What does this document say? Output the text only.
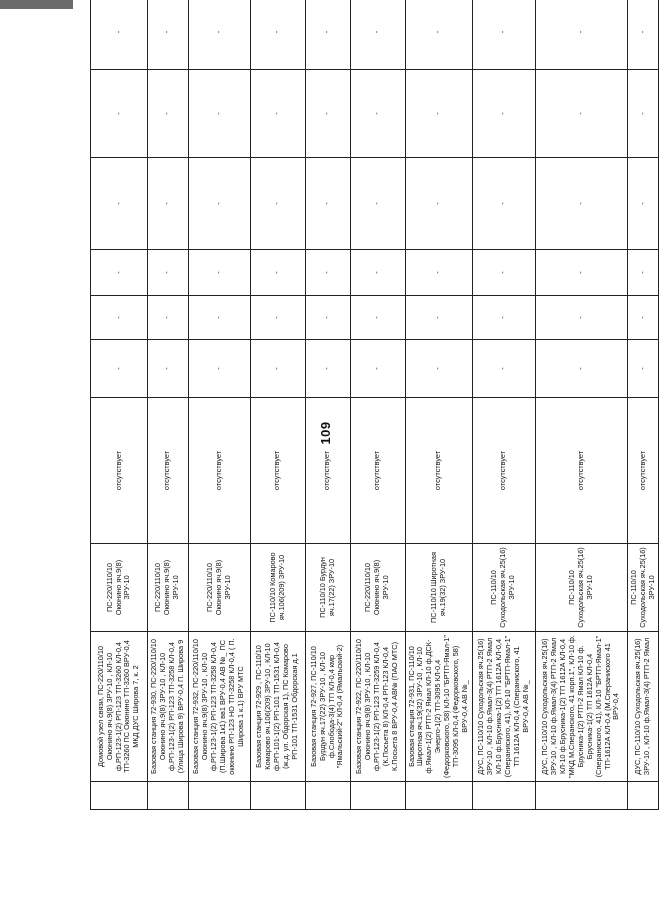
109
	Домовой узел связи, ПС-220/110/10 Окюнино яч.9(8) ЗРУ-10 , КЛ-10 ф.РП-123-1(2) РП-123 ТП-3260 КЛ-0,4 ТП-3260 ПС Окюнино ТП-3260 ВРУ-0,4 МКД ДУС Широва 7, к. 2	ПС-220/110/10 Окюнино яч.9(8) ЗРУ-10	отсутствует	-	-	-	-	-	-
	Базовая станция 72-930, ПС-220/110/10 Окюнино яч.9(8) ЗРУ-10 , КЛ-10 ф.РП-123-1(2) РП-123 ТП-3258 КЛ-0,4 (Улица Широва 9) ВРУ-0,4 П. Широва 9	ПС-220/110/10 Окюнино яч.9(8) ЗРУ-10	отсутствует	-	-	-	-	-	-
	Базовая станция 72-932, ПС-220/110/10 Окюнино яч.9(8) ЗРУ-10 , КЛ-10 ф.РП-123-1(2) РП-123 ТП-3258 КЛ-0,4 (П.Широва 1к1) вв1 ВРУ-0,4 АВ №_ ПС окюнино РП-123 НО ТП-3258 КЛ-0,4 ( П. Широва 1 к.1) ВРУ МТС	ПС-220/110/10 Окюнино яч.9(8) ЗРУ-10	отсутствует	-	-	-	-	-	-
	Базовая станция 72-929 , ПС-110/10 Комарово яч.106(209) ЗРУ-10 , КЛ-10 ф.РП-101-1(2) РП-101 ТП-1531 КЛ-0,4 (ж.д. ул. Обдорская 1), ПС Комарово РП-101 ТП-1531 Обдорская д.1	ПС-110/10 Комарово яч.106(209) ЗРУ-10	отсутствует	-	-	-	-	-	-
	Базовая станция 72-927, ПС-110/10 Бурдун яч.17(22) ЗРУ-10 , КЛ-10 ф.Слобода-3(4) ТП КЛ-0,4 кмр "Ямальский-2" КЛ-0,4 (Ямальский-2)	ПС-110/10 Бурдун яч.17(22) ЗРУ-10	отсутствует	-	-	-	-	-	-
	Базовая станция 72-922, ПС-220/110/10 Окюнино яч.9(8) ЗРУ-10 , КЛ-10 ф.РП-123-1(2) РП-123 ТП-3259 КЛ-0,4 (К.Посьета 8) КЛ-0,4 РП-123 КЛ-0,4 К.Посьета 8 ВРУ-0,4 АВ№ (ПАО МТС)	ПС-220/110/10 Окюнино яч.9(8) ЗРУ-10	отсутствует	-	-	-	-	-	-
	Базовая станция 72-931, ПС-110/10 Широтная яч.19(32) ЗРУ-10 , КЛ-10 ф.Ямал-1(2) РТП-2 Ямал КЛ-10 ф.ДСК-Энерго-1(2) ТП-3095 КЛ-0,4 (Федорковского, 58) КЛ-10 "БРТП-Ямал-1" ТП-3095 КЛ-0,4 (Федорковского, 58) ВРУ-0,4 АВ №_	ПС-110/10 Широтная яч.19(32) ЗРУ-10	отсутствует	-	-	-	-	-	-
	ДУС, ПС-110/10 Суходольская яч.25(16) ЗРУ-10 , КЛ-10 ф.Ямал-3(4) РТП-2 Ямал КЛ-10 ф.Брусника-1(2) ТП 1612А КЛ-0,4 (Спераниского, 41), КЛ-10 "БРТП-Ямал-1" ТП 1612А КЛ-0,4 (Спераниского, 41 ВРУ-0,4 АВ №_	ПС-110/10 Суходольская яч.25(16) ЗРУ-10	отсутствует	-	-	-	-	-	-
	ДУС, ПС-110/10 Суходольская яч.25(16) ЗРУ-10 , КЛ-10 ф.Ямал-3(4) РТП-2 Ямал КЛ-10 ф.Брусника-1(2) ТП 1612А КЛ-0,4 "МКД М.Сперанского, 41 корп.1", КЛ-10 ф. Брусника-1(2) РТП-2 Ямал КЛ-10 ф. Брусника-1(2) ТП 1612А КЛ-0,4 (Спераниского, 41), КЛ-10 "БРТП-Ямал-1" ТП-1612А КЛ-0,4 (М.Спераниского 41 ВРУ-0,4	ПС-110/10 Суходольская яч.25(16) ЗРУ-10	отсутствует	-	-	-	-	-	-
	ДУС, ПС-110/10 Суходольская яч.25(16) ЗРУ-10 , КЛ-10 ф.Ямал-3(4) РТП-2 Ямал	ПС-110/10 Суходольская яч.25(16) ЗРУ-10	отсутствует	-	-	-	-	-	-
